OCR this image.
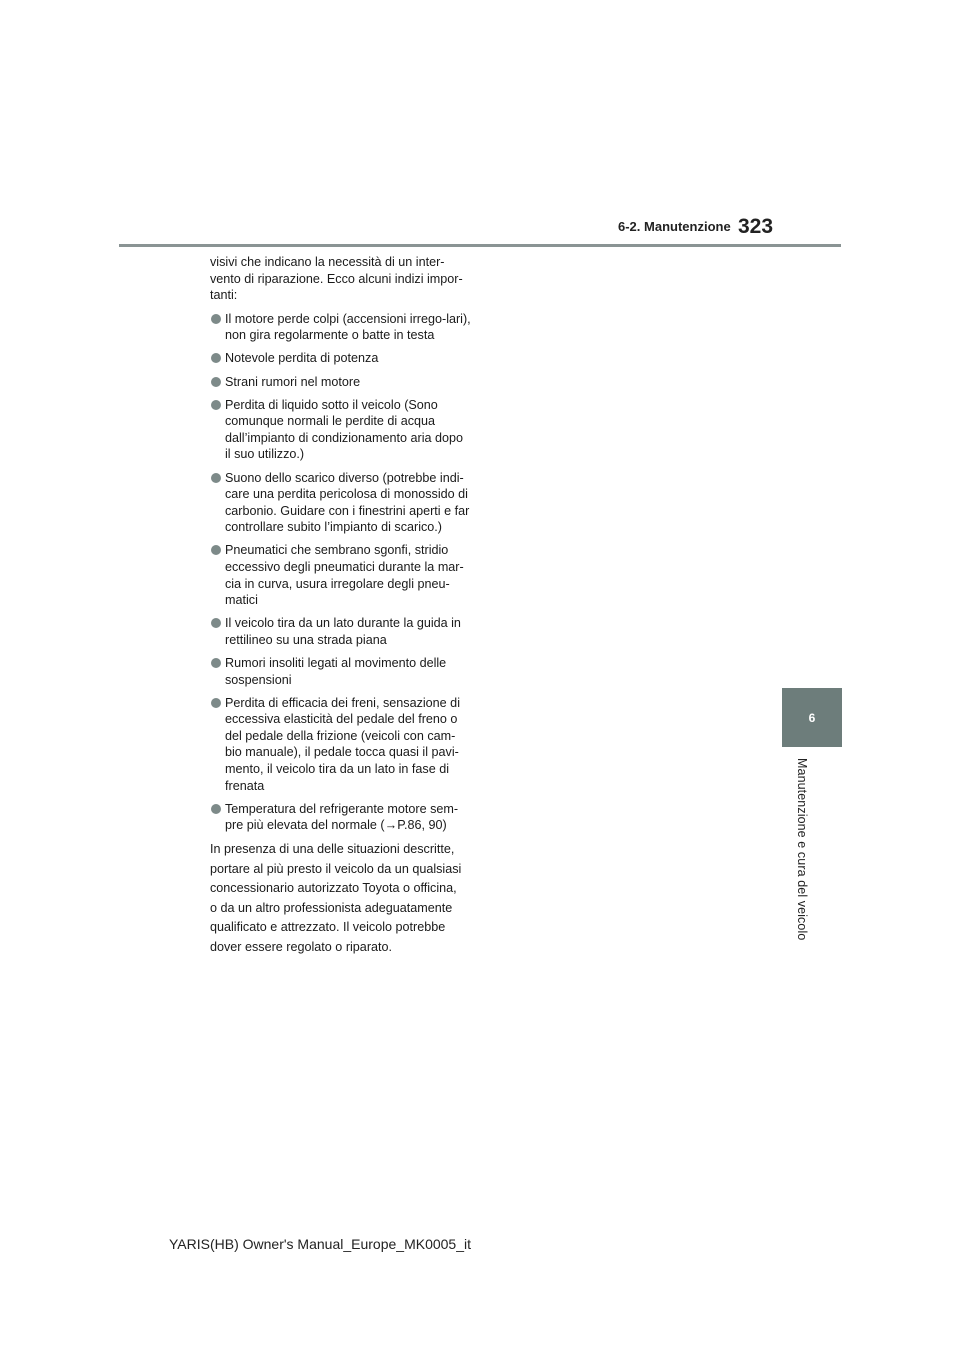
6-2. Manutenzione 323
6
Manutenzione e cura del veicolo

visivi che indicano la necessità di un inter-vento di riparazione. Ecco alcuni indizi impor-tanti:

Il motore perde colpi (accensioni irrego-lari), non gira regolarmente o batte in testa
Notevole perdita di potenza
Strani rumori nel motore
Perdita di liquido sotto il veicolo (Sono comunque normali le perdite di acqua dall’impianto di condizionamento aria dopo il suo utilizzo.)
Suono dello scarico diverso (potrebbe indi-care una perdita pericolosa di monossido di carbonio. Guidare con i finestrini aperti e far controllare subito l’impianto di scarico.)
Pneumatici che sembrano sgonfi, stridio eccessivo degli pneumatici durante la mar-cia in curva, usura irregolare degli pneu-matici
Il veicolo tira da un lato durante la guida in rettilineo su una strada piana
Rumori insoliti legati al movimento delle sospensioni
Perdita di efficacia dei freni, sensazione di eccessiva elasticità del pedale del freno o del pedale della frizione (veicoli con cam-bio manuale), il pedale tocca quasi il pavi-mento, il veicolo tira da un lato in fase di frenata
Temperatura del refrigerante motore sem-pre più elevata del normale (→P.86, 90)

In presenza di una delle situazioni descritte,

portare al più presto il veicolo da un qualsiasi

concessionario autorizzato Toyota o officina,

o da un altro professionista adeguatamente

qualificato e attrezzato. Il veicolo potrebbe

dover essere regolato o riparato.

YARIS(HB) Owner's Manual_Europe_MK0005_it
